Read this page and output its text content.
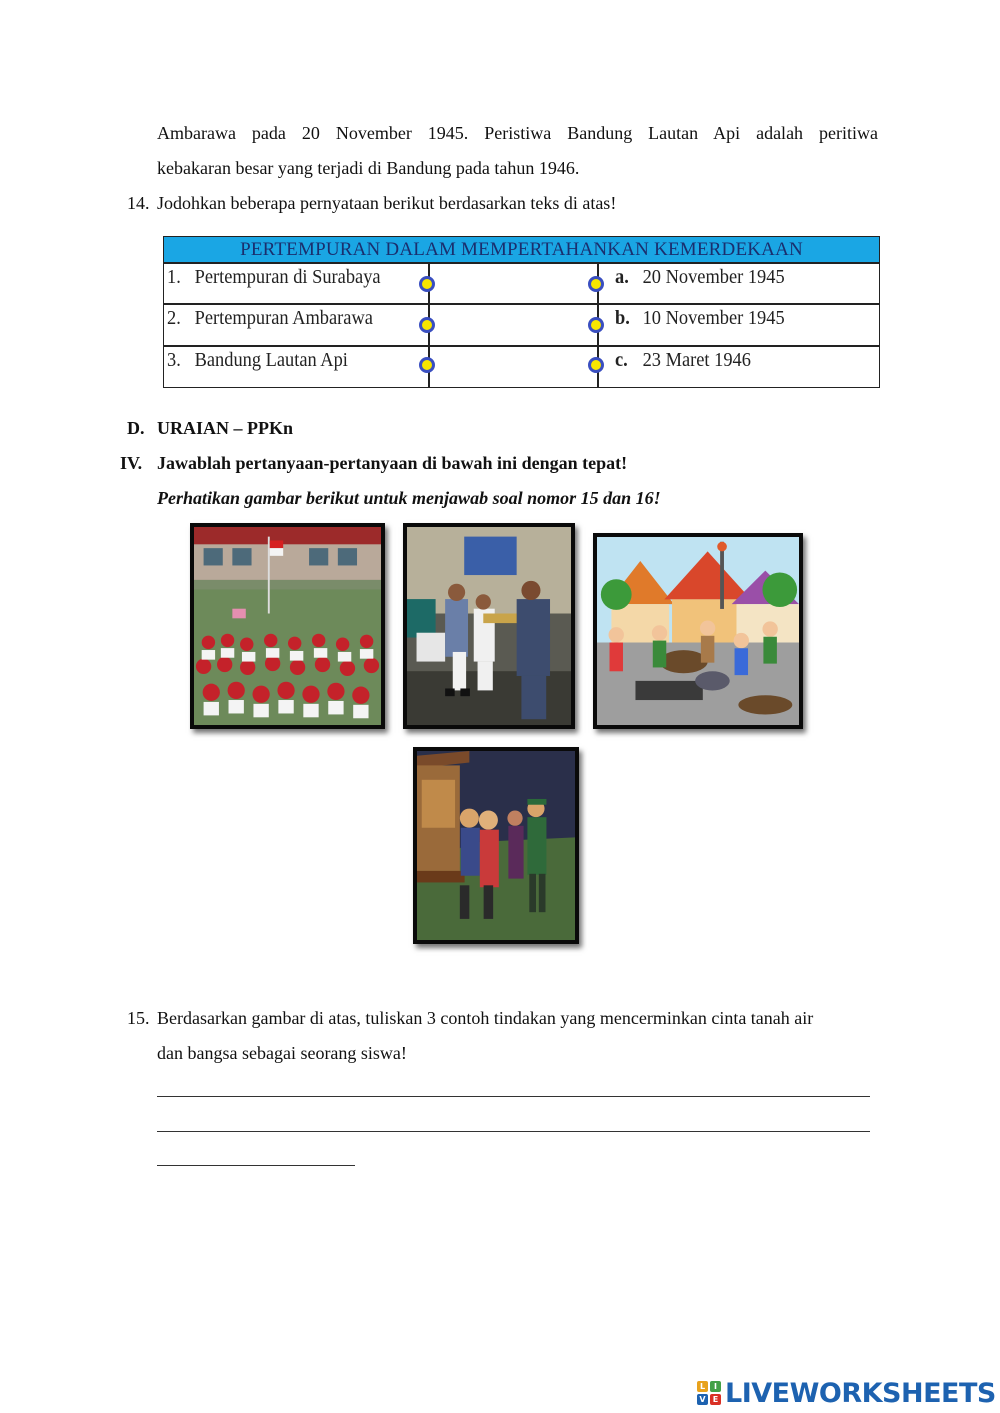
Ambarawa pada 20 November 1945. Peristiwa Bandung Lautan Api adalah peritiwa
kebakaran besar yang terjadi di Bandung pada tahun 1946.
14. Jodohkan beberapa pernyataan berikut berdasarkan teks di atas!
PERTEMPURAN DALAM MEMPERTAHANKAN KEMERDEKAAN
1. Pertempuran di Surabaya
2. Pertempuran Ambarawa
3. Bandung Lautan Api
a. 20 November 1945
b. 10 November 1945
c. 23 Maret 1946
D. URAIAN – PPKn
IV. Jawablah pertanyaan-pertanyaan di bawah ini dengan tepat!
Perhatikan gambar berikut untuk menjawab soal nomor 15 dan 16!
15. Berdasarkan gambar di atas, tuliskan 3 contoh tindakan yang mencerminkan cinta tanah air
dan bangsa sebagai seorang siswa!
L	I
V E LIVEWORKSHEETS
